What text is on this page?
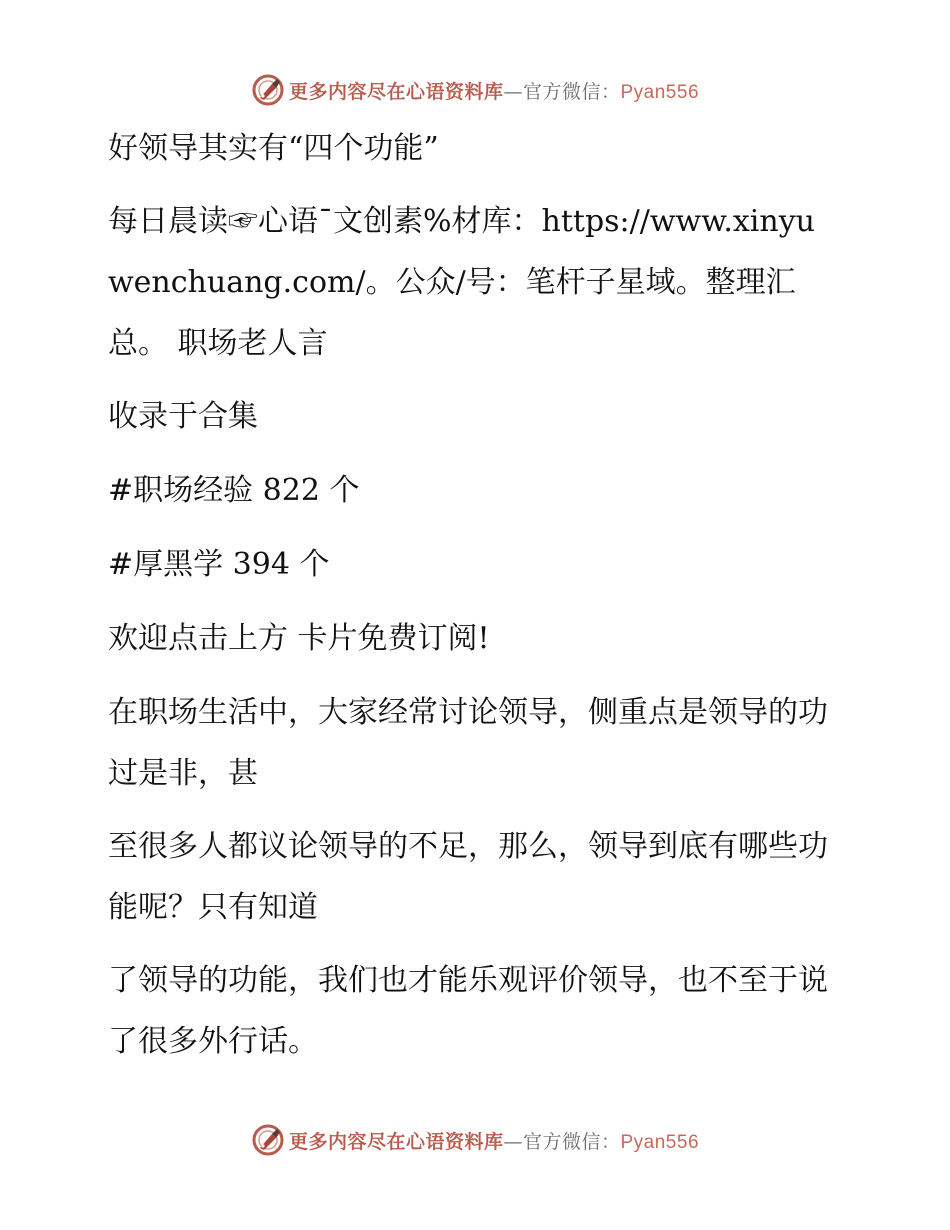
更多内容尽在心语资料库—官方微信：Pyan556

好领导其实有“四个功能”

每日晨读☞心语¯文创素%材库：https://www.xinyuwenchuang.com/。公众/号：笔杆子星域。整理汇总。 职场老人言

收录于合集

#职场经验 822 个

#厚黑学 394 个

欢迎点击上方 卡片免费订阅!

在职场生活中，大家经常讨论领导，侧重点是领导的功过是非，甚

至很多人都议论领导的不足，那么，领导到底有哪些功能呢？只有知道

了领导的功能，我们也才能乐观评价领导，也不至于说了很多外行话。

更多内容尽在心语资料库—官方微信：Pyan556
